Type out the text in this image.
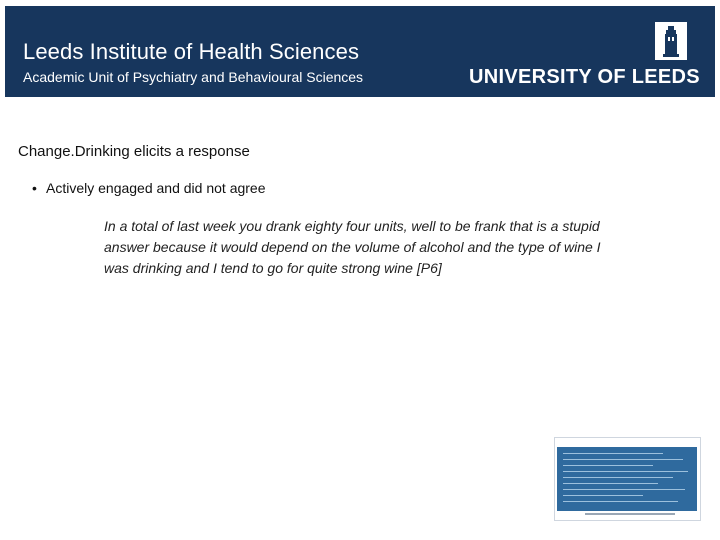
Leeds Institute of Health Sciences
Academic Unit of Psychiatry and Behavioural Sciences	UNIVERSITY OF LEEDS
Change.Drinking elicits a response
• Actively engaged and did not agree
In a total of last week you drank eighty four units, well to be frank that is a stupid answer because it would depend on the volume of alcohol and the type of wine I was drinking and I tend to go for quite strong wine [P6]
